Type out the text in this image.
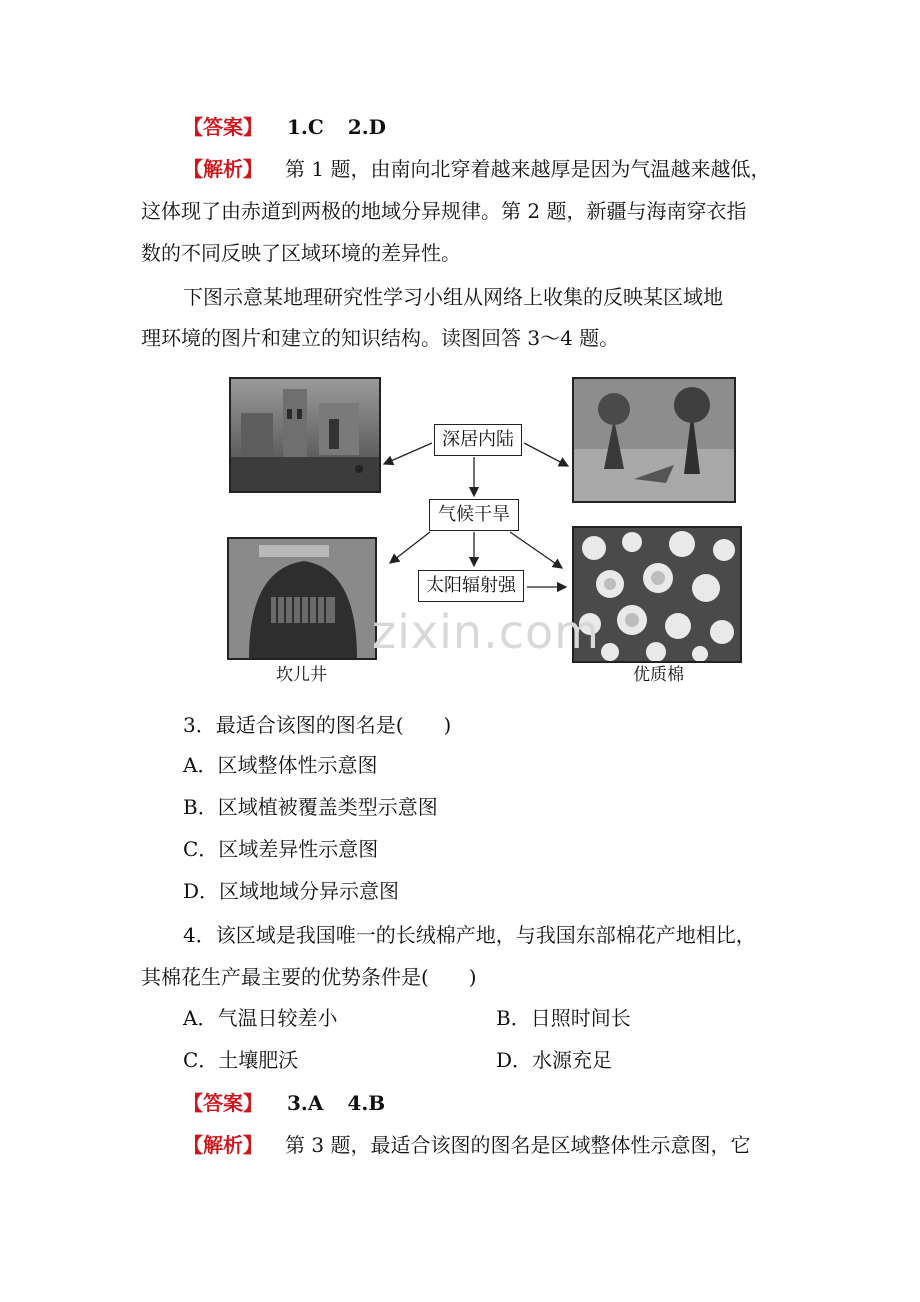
【答案】 1.C 2.D
【解析】 第 1 题，由南向北穿着越来越厚是因为气温越来越低，
这体现了由赤道到两极的地域分异规律。第 2 题，新疆与海南穿衣指
数的不同反映了区域环境的差异性。
下图示意某地理研究性学习小组从网络上收集的反映某区域地
理环境的图片和建立的知识结构。读图回答 3～4 题。
深居内陆
气候干旱
太阳辐射强
坎儿井	优质棉
zixin.com
3．最适合该图的图名是(　　)
A．区域整体性示意图
B．区域植被覆盖类型示意图
C．区域差异性示意图
D．区域地域分异示意图
4．该区域是我国唯一的长绒棉产地，与我国东部棉花产地相比，
其棉花生产最主要的优势条件是(　　)
A．气温日较差小	B．日照时间长
C．土壤肥沃	D．水源充足
【答案】 3.A 4.B
【解析】 第 3 题，最适合该图的图名是区域整体性示意图，它
